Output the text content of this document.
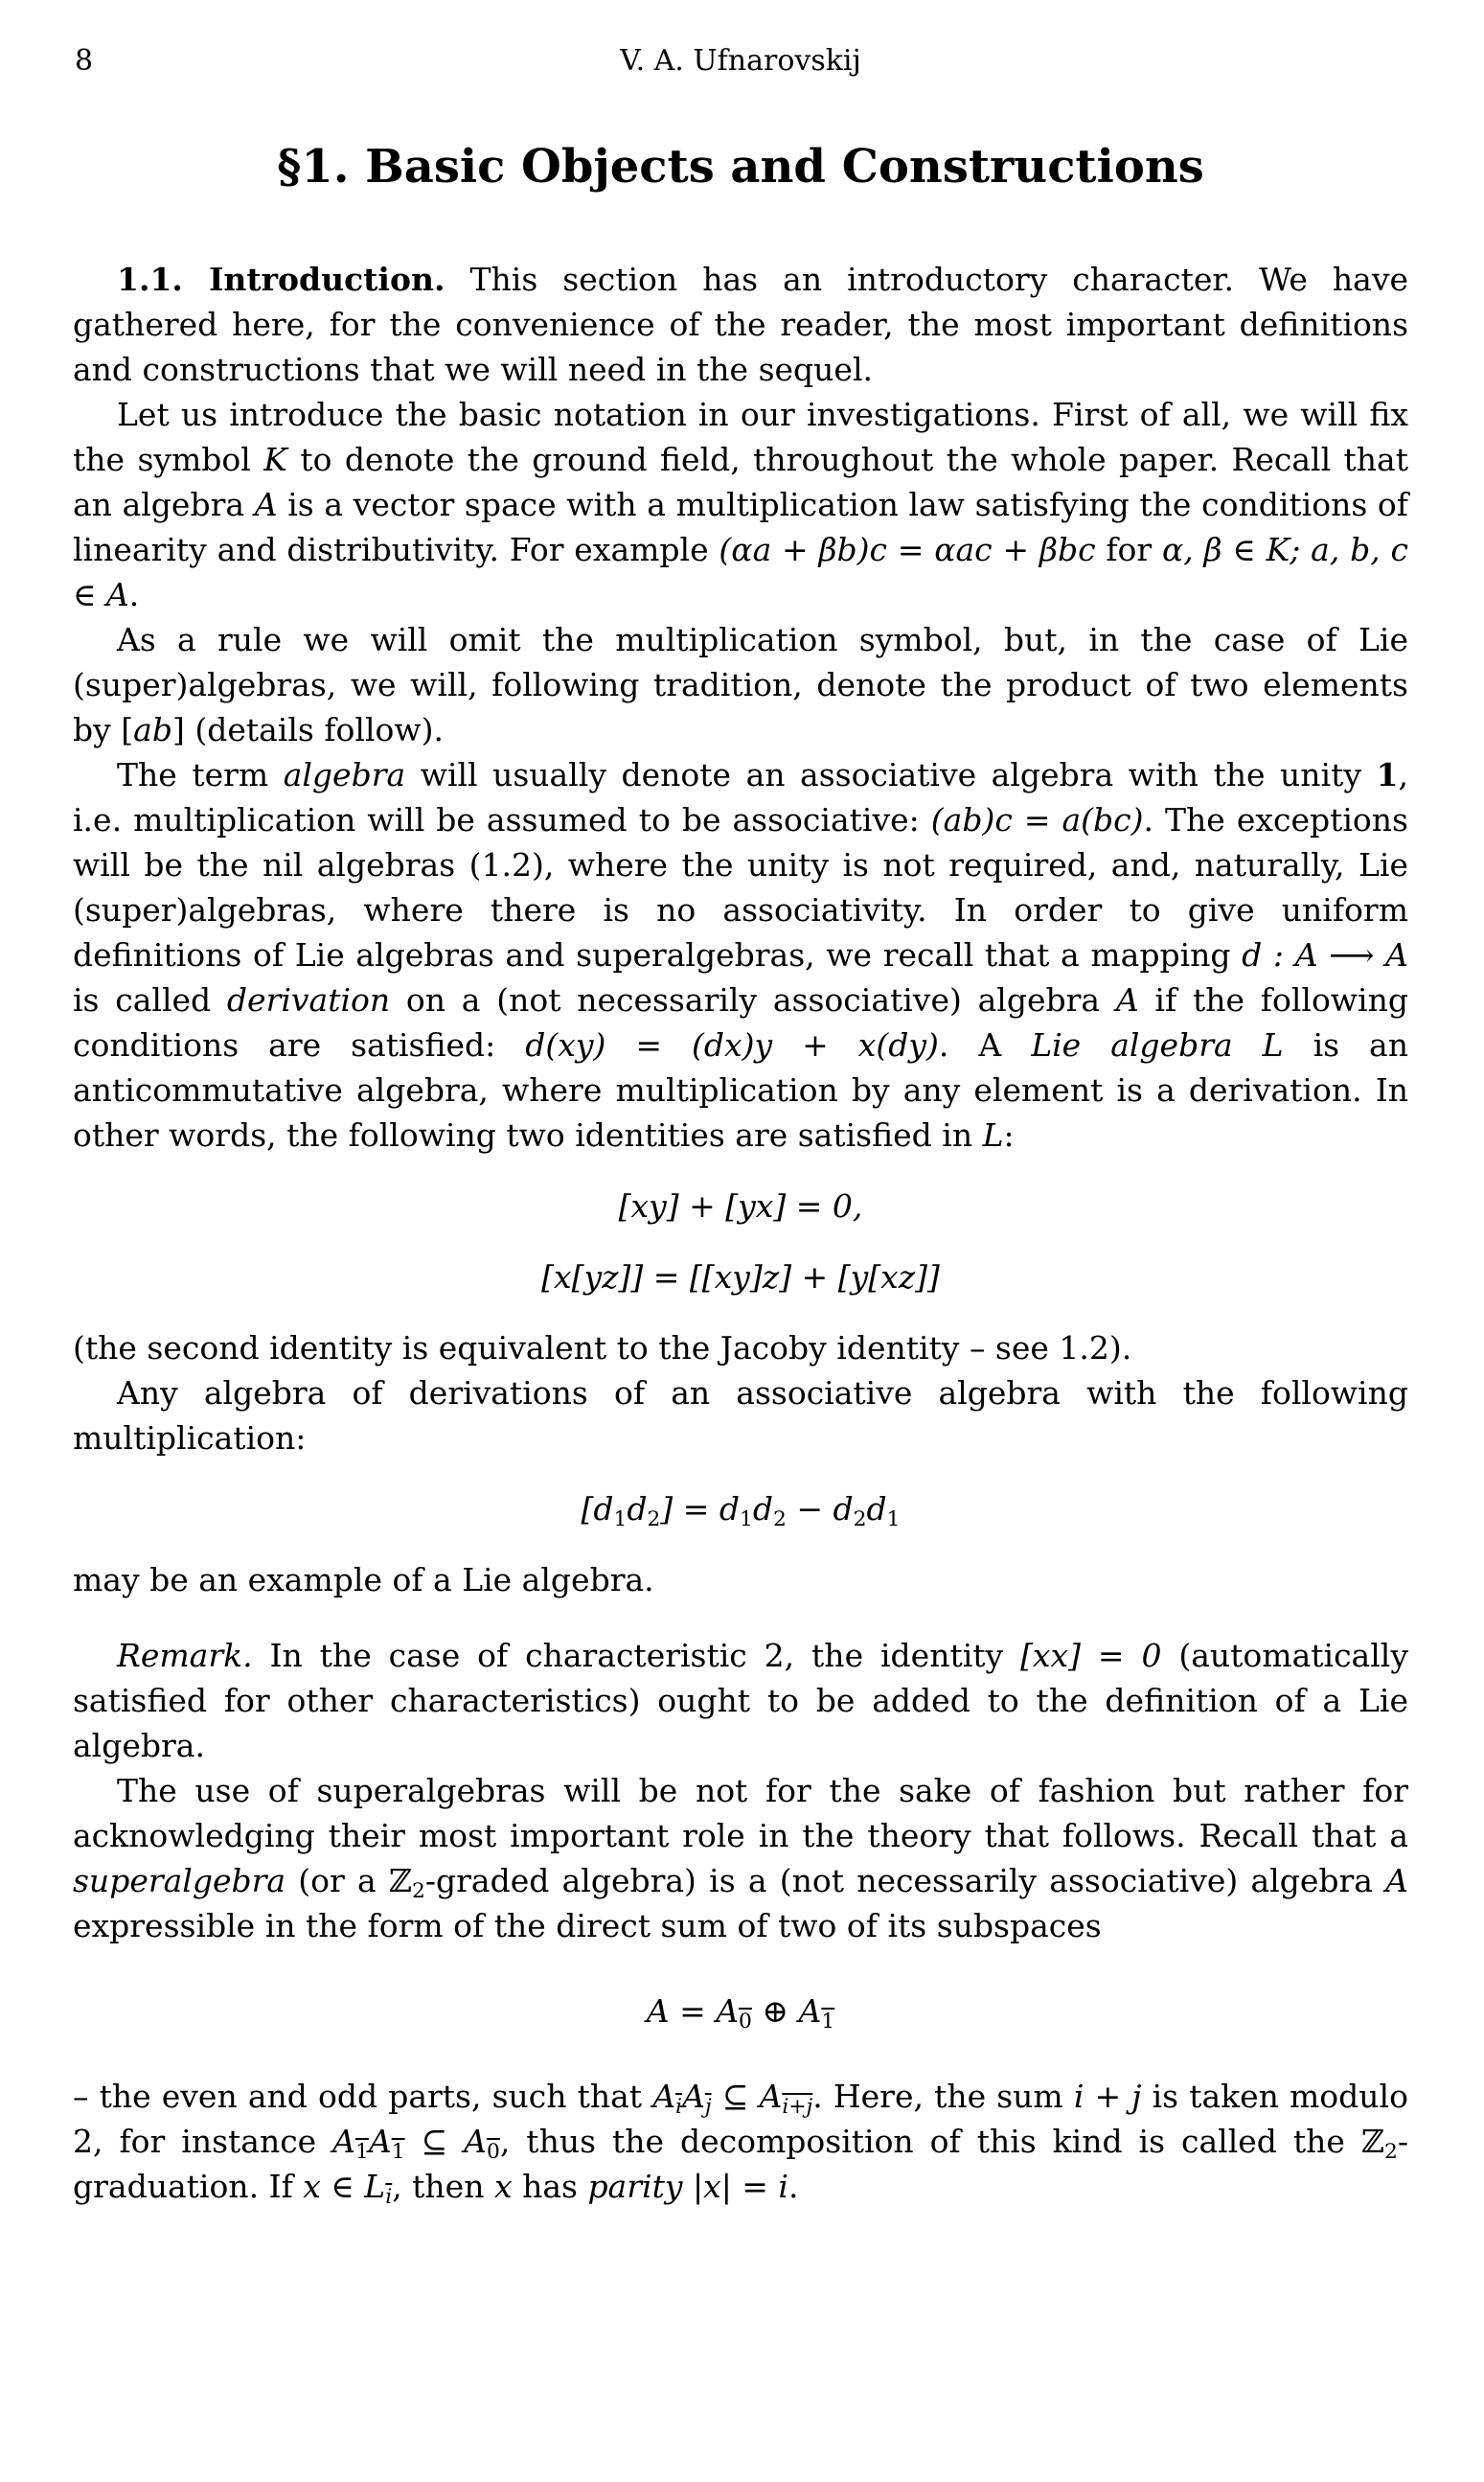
8	V. A. Ufnarovskij
§1. Basic Objects and Constructions

1.1. Introduction. This section has an introductory character. We have gathered here, for the convenience of the reader, the most important definitions and constructions that we will need in the sequel.

Let us introduce the basic notation in our investigations. First of all, we will fix the symbol K to denote the ground field, throughout the whole paper. Recall that an algebra A is a vector space with a multiplication law satisfying the conditions of linearity and distributivity. For example (αa + βb)c = αac + βbc for α, β ∈ K; a, b, c ∈ A.

As a rule we will omit the multiplication symbol, but, in the case of Lie (super)algebras, we will, following tradition, denote the product of two elements by [ab] (details follow).

The term algebra will usually denote an associative algebra with the unity 1, i.e. multiplication will be assumed to be associative: (ab)c = a(bc). The exceptions will be the nil algebras (1.2), where the unity is not required, and, naturally, Lie (super)algebras, where there is no associativity. In order to give uniform definitions of Lie algebras and superalgebras, we recall that a mapping d : A ⟶ A is called derivation on a (not necessarily associative) algebra A if the following conditions are satisfied: d(xy) = (dx)y + x(dy). A Lie algebra L is an anticommutative algebra, where multiplication by any element is a derivation. In other words, the following two identities are satisfied in L:

[xy] + [yx] = 0,
[x[yz]] = [[xy]z] + [y[xz]]

(the second identity is equivalent to the Jacoby identity – see 1.2).

Any algebra of derivations of an associative algebra with the following multiplication:

[d1d2] = d1d2 − d2d1

may be an example of a Lie algebra.

Remark. In the case of characteristic 2, the identity [xx] = 0 (automatically satisfied for other characteristics) ought to be added to the definition of a Lie algebra.

The use of superalgebras will be not for the sake of fashion but rather for acknowledging their most important role in the theory that follows. Recall that a superalgebra (or a ℤ2-graded algebra) is a (not necessarily associative) algebra A expressible in the form of the direct sum of two of its subspaces

A = A0 ⊕ A1

– the even and odd parts, such that $A\overline{i}A\overline{j}$ ⊆ Ai+j. Here, the sum i + j is taken modulo 2, for instance A1A1 ⊆ A0, thus the decomposition of this kind is called the ℤ2-graduation. If x ∈ $L\overline{i}$, then x has parity |x| = i.
